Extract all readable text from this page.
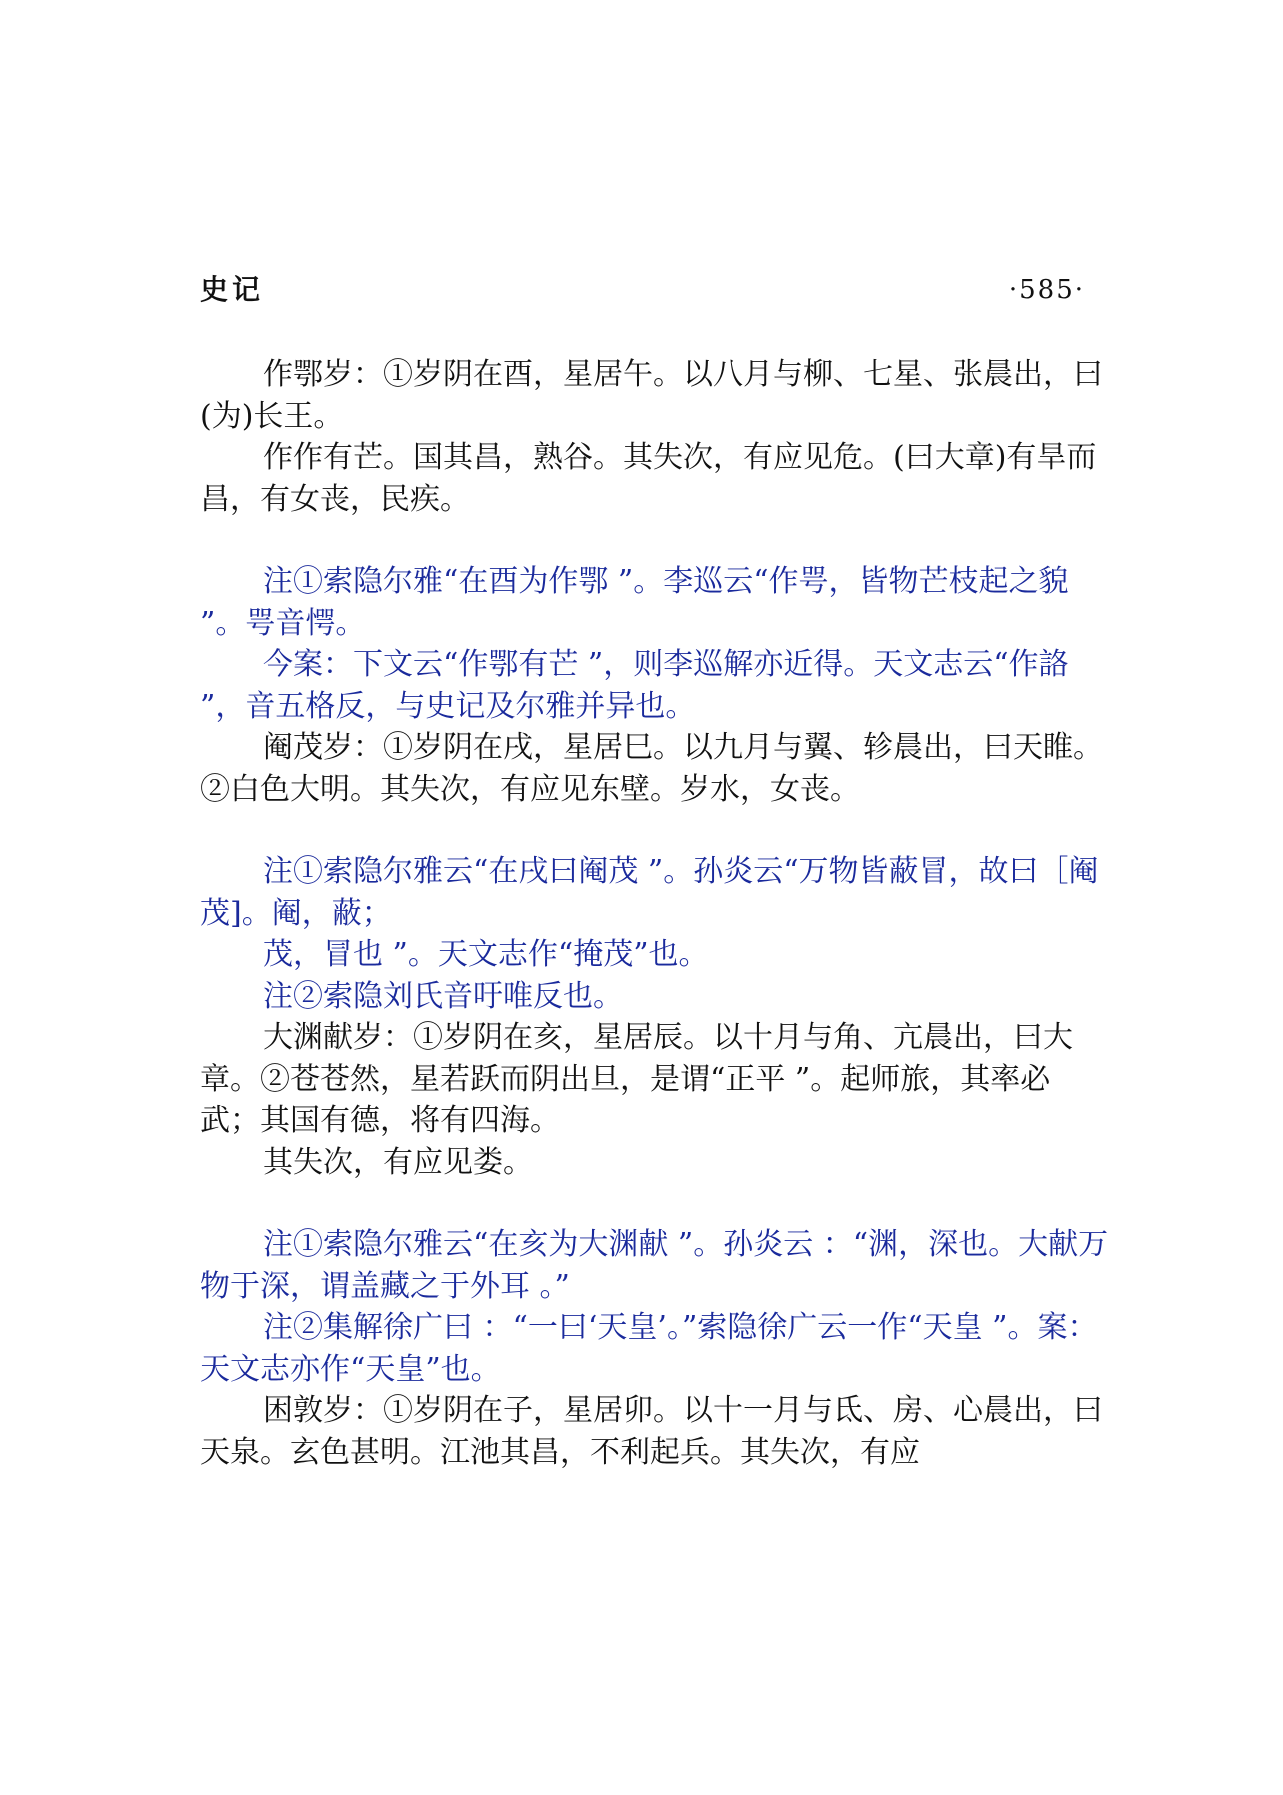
史记	·585·

作鄂岁：①岁阴在酉，星居午。以八月与柳、七星、张晨出，曰(为)长王。

作作有芒。国其昌，熟谷。其失次，有应见危。(曰大章)有旱而昌，有女丧，民疾。

注①索隐尔雅“在酉为作鄂 ”。李巡云“作咢，皆物芒枝起之貌 ”。咢音愕。

今案：下文云“作鄂有芒 ”，则李巡解亦近得。天文志云“作詻 ”，音五格反，与史记及尔雅并异也。

阉茂岁：①岁阴在戌，星居巳。以九月与翼、轸晨出，曰天睢。②白色大明。其失次，有应见东壁。岁水，女丧。

注①索隐尔雅云“在戌曰阉茂 ”。孙炎云“万物皆蔽冒，故曰［阉茂]。阉，蔽；

茂，冒也 ”。天文志作“掩茂”也。

注②索隐刘氏音吁唯反也。

大渊献岁：①岁阴在亥，星居辰。以十月与角、亢晨出，曰大章。②苍苍然，星若跃而阴出旦，是谓“正平 ”。起师旅，其率必武；其国有德，将有四海。

其失次，有应见娄。

注①索隐尔雅云“在亥为大渊献 ”。孙炎云 ：“渊，深也。大献万物于深，谓盖藏之于外耳 。”

注②集解徐广曰 ：“一曰‘天皇’。”索隐徐广云一作“天皇 ”。案：天文志亦作“天皇”也。

困敦岁：①岁阴在子，星居卯。以十一月与氐、房、心晨出，曰天泉。玄色甚明。江池其昌，不利起兵。其失次，有应
